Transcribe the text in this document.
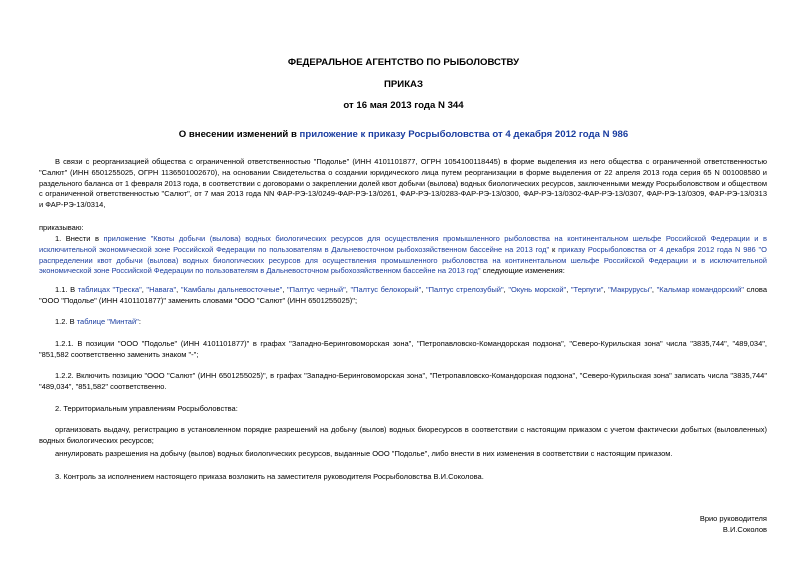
ФЕДЕРАЛЬНОЕ АГЕНТСТВО ПО РЫБОЛОВСТВУ
ПРИКАЗ
от 16 мая 2013 года N 344
О внесении изменений в приложение к приказу Росрыболовства от 4 декабря 2012 года N 986
В связи с реорганизацией общества с ограниченной ответственностью "Подолье" (ИНН 4101101877, ОГРН 1054100118445) в форме выделения из него общества с ограниченной ответственностью "Салют" (ИНН 6501255025, ОГРН 1136501002670), на основании Свидетельства о создании юридического лица путем реорганизации в форме выделения от 22 апреля 2013 года серия 65 N 001008580 и раздельного баланса от 1 февраля 2013 года, в соответствии с договорами о закреплении долей квот добычи (вылова) водных биологических ресурсов, заключенными между Росрыболовством и обществом с ограниченной ответственностью "Салют", от 7 мая 2013 года NN ФАР-РЭ-13/0249-ФАР-РЭ-13/0261, ФАР-РЭ-13/0283-ФАР-РЭ-13/0300, ФАР-РЭ-13/0302-ФАР-РЭ-13/0307, ФАР-РЭ-13/0309, ФАР-РЭ-13/0313 и ФАР-РЭ-13/0314,
приказываю:
1. Внести в приложение "Квоты добычи (вылова) водных биологических ресурсов для осуществления промышленного рыболовства на континентальном шельфе Российской Федерации и в исключительной экономической зоне Российской Федерации по пользователям в Дальневосточном рыбохозяйственном бассейне на 2013 год" к приказу Росрыболовства от 4 декабря 2012 года N 986 "О распределении квот добычи (вылова) водных биологических ресурсов для осуществления промышленного рыболовства на континентальном шельфе Российской Федерации и в исключительной экономической зоне Российской Федерации по пользователям в Дальневосточном рыбохозяйственном бассейне на 2013 год" следующие изменения:
1.1. В таблицах "Треска", "Навага", "Камбалы дальневосточные", "Палтус черный", "Палтус белокорый", "Палтус стрелозубый", "Окунь морской", "Терпуги", "Макрурусы", "Кальмар командорский" слова "ООО "Подолье" (ИНН 4101101877)" заменить словами "ООО "Салют" (ИНН 6501255025)";
1.2. В таблице "Минтай":
1.2.1. В позиции "ООО "Подолье" (ИНН 4101101877)" в графах "Западно-Беринговоморская зона", "Петропавловско-Командорская подзона", "Северо-Курильская зона" числа "3835,744", "489,034", "851,582 соответственно заменить знаком "-";
1.2.2. Включить позицию "ООО "Салют" (ИНН 6501255025)", в графах "Западно-Беринговоморская зона", "Петропавловско-Командорская подзона", "Северо-Курильская зона" записать числа "3835,744" "489,034", "851,582" соответственно.
2. Территориальным управлениям Росрыболовства:
организовать выдачу, регистрацию в установленном порядке разрешений на добычу (вылов) водных биоресурсов в соответствии с настоящим приказом с учетом фактически добытых (выловленных) водных биологических ресурсов;
аннулировать разрешения на добычу (вылов) водных биологических ресурсов, выданные ООО "Подолье", либо внести в них изменения в соответствии с настоящим приказом.
3. Контроль за исполнением настоящего приказа возложить на заместителя руководителя Росрыболовства В.И.Соколова.
Врио руководителя
В.И.Соколов
